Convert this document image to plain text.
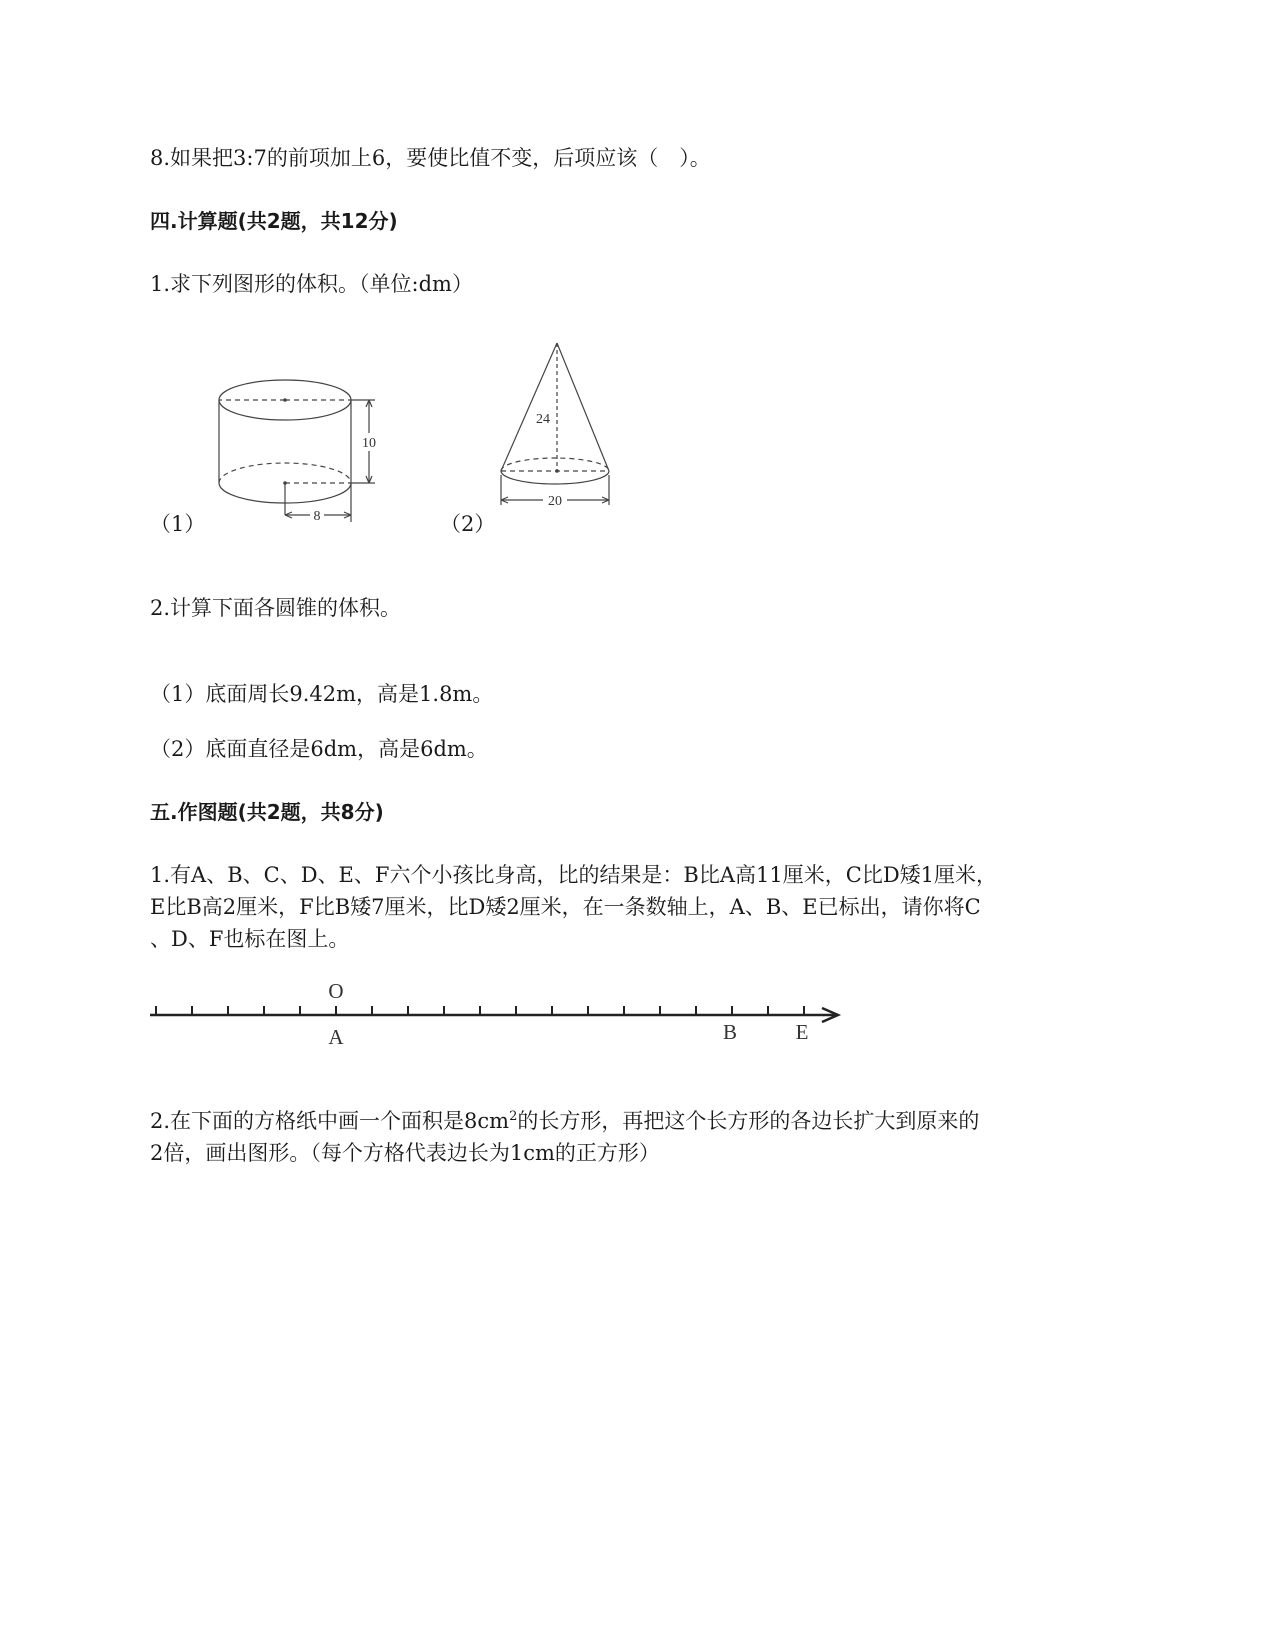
8.如果把3:7的前项加上6，要使比值不变，后项应该（　）。
四.计算题(共2题，共12分)
1.求下列图形的体积。（单位:dm）
（1）
10
8	（2）
24
20
2.计算下面各圆锥的体积。
（1）底面周长9.42m，高是1.8m。
（2）底面直径是6dm，高是6dm。
五.作图题(共2题，共8分)
1.有A、B、C、D、E、F六个小孩比身高，比的结果是：B比A高11厘米，C比D矮1厘米，
E比B高2厘米，F比B矮7厘米，比D矮2厘米，在一条数轴上，A、B、E已标出，请你将C
、D、F也标在图上。
O
A	B	E
2.在下面的方格纸中画一个面积是$8cm^2$的长方形，再把这个长方形的各边长扩大到原来的
2倍，画出图形。（每个方格代表边长为1cm的正方形）
